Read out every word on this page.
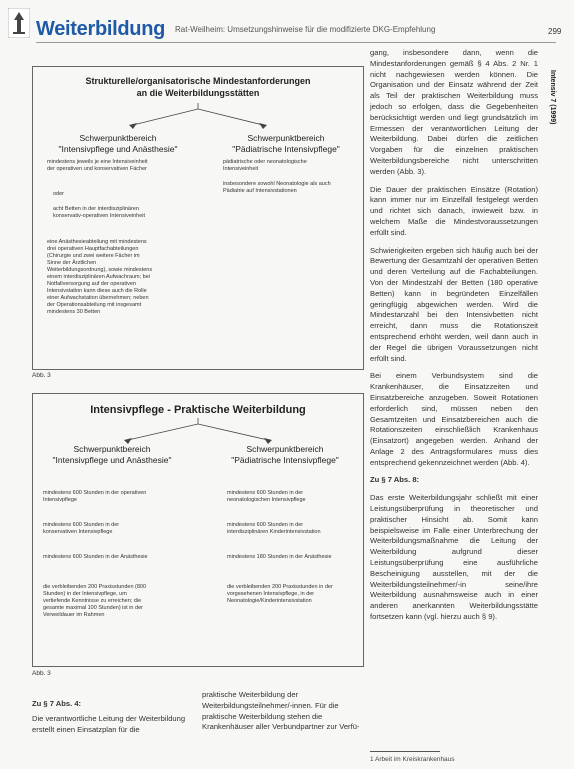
Weiterbildung Rat-Weilheim: Umsetzungshinweise für die modifizierte DKG-Empfehlung	299
Intensiv 7 (1999)
Strukturelle/organisatorische Mindestanforderungen
an die Weiterbildungsstätten
Schwerpunktbereich
"Intensivpflege und Anästhesie"
Schwerpunktbereich
"Pädiatrische Intensivpflege"
mindestens jeweils je eine Intensiveinheit der operativen und konservativen Fächer
oder
acht Betten in der interdisziplinären konservativ-operativen Intensiveinheit
eine Anästhesieabteilung mit mindestens drei operativen Hauptfachabteilungen (Chirurgie und zwei weitere Fächer im Sinne der Ärztlichen Weiterbildungsordnung), sowie mindestens einem interdisziplinären Aufwachraum; bei Notfallversorgung auf der operativen Intensivstation kann diese auch die Rolle einer Aufwachstation übernehmen; neben der Operationsabteilung mit insgesamt mindestens 30 Betten
pädiatrische oder neonatologische Intensiveinheit
insbesondere sowohl Neonatologie als auch Pädiatrie auf Intensivstationen
Abb. 3
Intensivpflege - Praktische Weiterbildung
Schwerpunktbereich
"Intensivpflege und Anästhesie"
Schwerpunktbereich
"Pädiatrische Intensivpflege"
mindestens 600 Stunden in der operativen Intensivpflege
mindestens 600 Stunden in der konservativen Intensivpflege
mindestens 600 Stunden in der Anästhesie
die verbleibenden 200 Praxisstunden (800 Stunden) in der Intensivpflege, um vertiefende Kenntnisse zu erreichen; die gesamte maximal 100 Stunden) ist in der Verweildauer im Rahmen
mindestens 600 Stunden in der neonatologischen Intensivpflege
mindestens 600 Stunden in der interdisziplinären Kinderintensivstation
mindestens 180 Stunden in der Anästhesie
die verbleibenden 200 Praxisstunden in der vorgesehenen Intensivpflege, in der Neonatologie/Kinderintensivstation
Abb. 3

gang, insbesondere dann, wenn die Mindestanforderungen gemäß § 4 Abs. 2 Nr. 1 nicht nachgewiesen werden können. Die Organisation und der Einsatz während der Zeit als Teil der praktischen Weiterbildung muss jedoch so erfolgen, dass die Gegebenheiten berücksichtigt werden und liegt grundsätzlich im Ermessen der verantwortlichen Leitung der Weiterbildung. Dabei dürfen die zeitlichen Vorgaben für die einzelnen praktischen Weiterbildungsbereiche nicht unterschritten werden (Abb. 3).

Die Dauer der praktischen Einsätze (Rotation) kann immer nur im Einzelfall festgelegt werden und richtet sich danach, inwieweit bzw. in welchem Maße die Mindestvoraussetzungen erfüllt sind.

Schwierigkeiten ergeben sich häufig auch bei der Bewertung der Gesamtzahl der operativen Betten und deren Verteilung auf die Fachabteilungen. Von der Mindestzahl der Betten (180 operative Betten) kann in begründeten Einzelfällen geringfügig abgewichen werden. Wird die Mindestanzahl bei den Intensivbetten nicht erreicht, dann muss die Rotationszeit entsprechend erhöht werden, weil dann auch in der Regel die übrigen Voraussetzungen nicht erfüllt sind.

Bei einem Verbundsystem sind die Krankenhäuser, die Einsatzzeiten und Einsatzbereiche anzugeben. Soweit Rotationen erforderlich sind, müssen neben den Gesamtzeiten und Einsatzbereichen auch die Rotationszeiten einschließlich Krankenhaus (Einsatzort) angegeben werden. Anhand der Anlage 2 des Antragsformulares muss dies entsprechend gekennzeichnet werden (Abb. 4).

Zu § 7 Abs. 8:

Das erste Weiterbildungsjahr schließt mit einer Leistungsüberprüfung in theoretischer und praktischer Hinsicht ab. Somit kann beispielsweise im Falle einer Unterbrechung der Weiterbildungsmaßnahme die Leitung der Weiterbildung aufgrund dieser Leistungsüberprüfung eine ausführliche Bescheinigung ausstellen, mit der die Weiterbildungsteilnehmer/-in seine/ihre Weiterbildung ausnahmsweise auch in einer anderen anerkannten Weiterbildungsstätte fortsetzen kann (vgl. hierzu auch § 9).

1 Arbeit im Kreiskrankenhaus
Zu § 7 Abs. 4:
Die verantwortliche Leitung der Weiterbildung erstellt einen Einsatzplan für die
praktische Weiterbildung der Weiterbildungsteilnehmer/-innen. Für die praktische Weiterbildung stehen die Krankenhäuser aller Verbundpartner zur Verfü-
